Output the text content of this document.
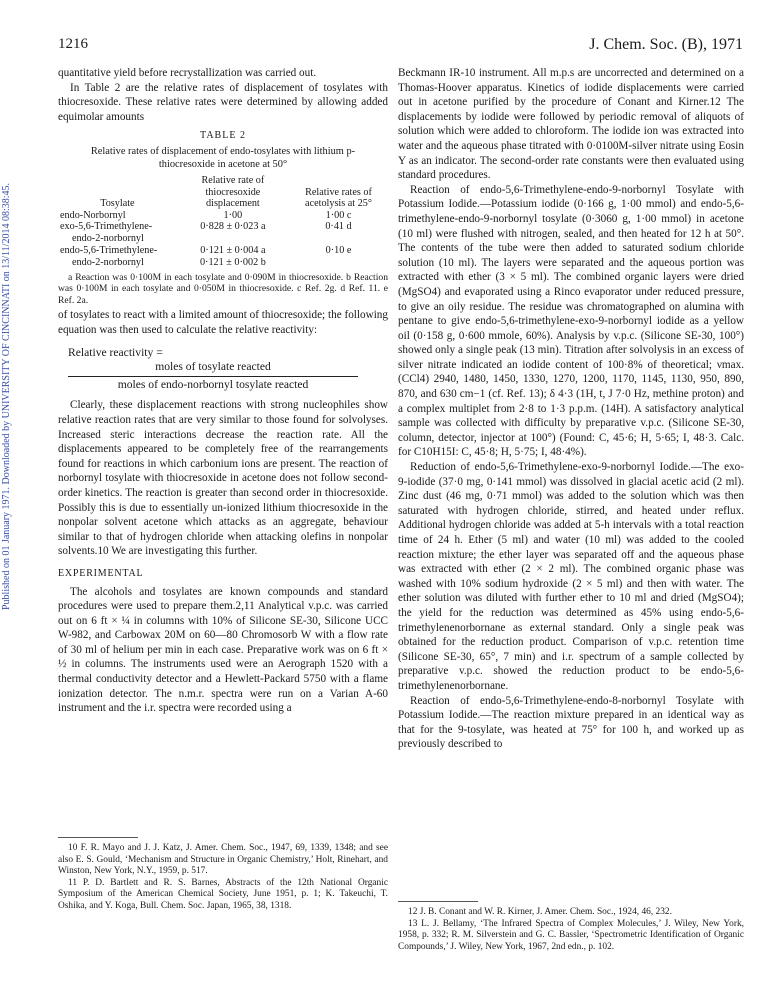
Published on 01 January 1971. Downloaded by UNIVERSITY OF CINCINNATI on 13/11/2014 08:38:45.
1216	J. Chem. Soc. (B), 1971

quantitative yield before recrystallization was carried out.

In Table 2 are the relative rates of displacement of tosylates with thiocresoxide. These relative rates were determined by allowing added equimolar amounts

TABLE 2
Relative rates of displacement of endo-tosylates with lithium p-thiocresoxide in acetone at 50°
Tosylate	Relative rate of thiocresoxide displacement	Relative rates of acetolysis at 25°
endo-Norbornyl	1·00	1·00 c
exo-5,6-Trimethylene-	0·828 ± 0·023 a	0·41 d
endo-2-norbornyl		
endo-5,6-Trimethylene-	0·121 ± 0·004 a	0·10 e
endo-2-norbornyl	0·121 ± 0·002 b	
a Reaction was 0·100M in each tosylate and 0·090M in thiocresoxide. b Reaction was 0·100M in each tosylate and 0·050M in thiocresoxide. c Ref. 2g. d Ref. 11. e Ref. 2a.

of tosylates to react with a limited amount of thiocresoxide; the following equation was then used to calculate the relative reactivity:

Relative reactivity =
moles of tosylate reacted
moles of endo-norbornyl tosylate reacted

Clearly, these displacement reactions with strong nucleophiles show relative reaction rates that are very similar to those found for solvolyses. Increased steric interactions decrease the reaction rate. All the displacements appeared to be completely free of the rearrangements found for reactions in which carbonium ions are present. The reaction of norbornyl tosylate with thiocresoxide in acetone does not follow second-order kinetics. The reaction is greater than second order in thiocresoxide. Possibly this is due to essentially un-ionized lithium thiocresoxide in the nonpolar solvent acetone which attacks as an aggregate, behaviour similar to that of hydrogen chloride when attacking olefins in nonpolar solvents.10 We are investigating this further.

EXPERIMENTAL

The alcohols and tosylates are known compounds and standard procedures were used to prepare them.2,11 Analytical v.p.c. was carried out on 6 ft × ¼ in columns with 10% of Silicone SE-30, Silicone UCC W-982, and Carbowax 20M on 60—80 Chromosorb W with a flow rate of 30 ml of helium per min in each case. Preparative work was on 6 ft × ½ in columns. The instruments used were an Aerograph 1520 with a thermal conductivity detector and a Hewlett-Packard 5750 with a flame ionization detector. The n.m.r. spectra were run on a Varian A-60 instrument and the i.r. spectra were recorded using a

Beckmann IR-10 instrument. All m.p.s are uncorrected and determined on a Thomas-Hoover apparatus. Kinetics of iodide displacements were carried out in acetone purified by the procedure of Conant and Kirner.12 The displacements by iodide were followed by periodic removal of aliquots of solution which were added to chloroform. The iodide ion was extracted into water and the aqueous phase titrated with 0·0100M-silver nitrate using Eosin Y as an indicator. The second-order rate constants were then evaluated using standard procedures.

Reaction of endo-5,6-Trimethylene-endo-9-norbornyl Tosylate with Potassium Iodide.—Potassium iodide (0·166 g, 1·00 mmol) and endo-5,6-trimethylene-endo-9-norbornyl tosylate (0·3060 g, 1·00 mmol) in acetone (10 ml) were flushed with nitrogen, sealed, and then heated for 12 h at 50°. The contents of the tube were then added to saturated sodium chloride solution (10 ml). The layers were separated and the aqueous portion was extracted with ether (3 × 5 ml). The combined organic layers were dried (MgSO4) and evaporated using a Rinco evaporator under reduced pressure, to give an oily residue. The residue was chromatographed on alumina with pentane to give endo-5,6-trimethylene-exo-9-norbornyl iodide as a yellow oil (0·158 g, 0·600 mmole, 60%). Analysis by v.p.c. (Silicone SE-30, 100°) showed only a single peak (13 min). Titration after solvolysis in an excess of silver nitrate indicated an iodide content of 100·8% of theoretical; νmax. (CCl4) 2940, 1480, 1450, 1330, 1270, 1200, 1170, 1145, 1130, 950, 890, 870, and 630 cm−1 (cf. Ref. 13); δ 4·3 (1H, t, J 7·0 Hz, methine proton) and a complex multiplet from 2·8 to 1·3 p.p.m. (14H). A satisfactory analytical sample was collected with difficulty by preparative v.p.c. (Silicone SE-30, column, detector, injector at 100°) (Found: C, 45·6; H, 5·65; I, 48·3. Calc. for C10H15I: C, 45·8; H, 5·75; I, 48·4%).

Reduction of endo-5,6-Trimethylene-exo-9-norbornyl Iodide.—The exo-9-iodide (37·0 mg, 0·141 mmol) was dissolved in glacial acetic acid (2 ml). Zinc dust (46 mg, 0·71 mmol) was added to the solution which was then saturated with hydrogen chloride, stirred, and heated under reflux. Additional hydrogen chloride was added at 5-h intervals with a total reaction time of 24 h. Ether (5 ml) and water (10 ml) was added to the cooled reaction mixture; the ether layer was separated off and the aqueous phase was extracted with ether (2 × 2 ml). The combined organic phase was washed with 10% sodium hydroxide (2 × 5 ml) and then with water. The ether solution was diluted with further ether to 10 ml and dried (MgSO4); the yield for the reduction was determined as 45% using endo-5,6-trimethylenenorbornane as external standard. Only a single peak was obtained for the reduction product. Comparison of v.p.c. retention time (Silicone SE-30, 65°, 7 min) and i.r. spectrum of a sample collected by preparative v.p.c. showed the reduction product to be endo-5,6-trimethylenenorbornane.

Reaction of endo-5,6-Trimethylene-endo-8-norbornyl Tosylate with Potassium Iodide.—The reaction mixture prepared in an identical way as that for the 9-tosylate, was heated at 75° for 100 h, and worked up as previously described to

10 F. R. Mayo and J. J. Katz, J. Amer. Chem. Soc., 1947, 69, 1339, 1348; and see also E. S. Gould, ‘Mechanism and Structure in Organic Chemistry,’ Holt, Rinehart, and Winston, New York, N.Y., 1959, p. 517.

11 P. D. Bartlett and R. S. Barnes, Abstracts of the 12th National Organic Symposium of the American Chemical Society, June 1951, p. 1; K. Takeuchi, T. Oshika, and Y. Koga, Bull. Chem. Soc. Japan, 1965, 38, 1318.

12 J. B. Conant and W. R. Kirner, J. Amer. Chem. Soc., 1924, 46, 232.

13 L. J. Bellamy, ‘The Infrared Spectra of Complex Molecules,’ J. Wiley, New York, 1958, p. 332; R. M. Silverstein and G. C. Bassler, ‘Spectrometric Identification of Organic Compounds,’ J. Wiley, New York, 1967, 2nd edn., p. 102.
